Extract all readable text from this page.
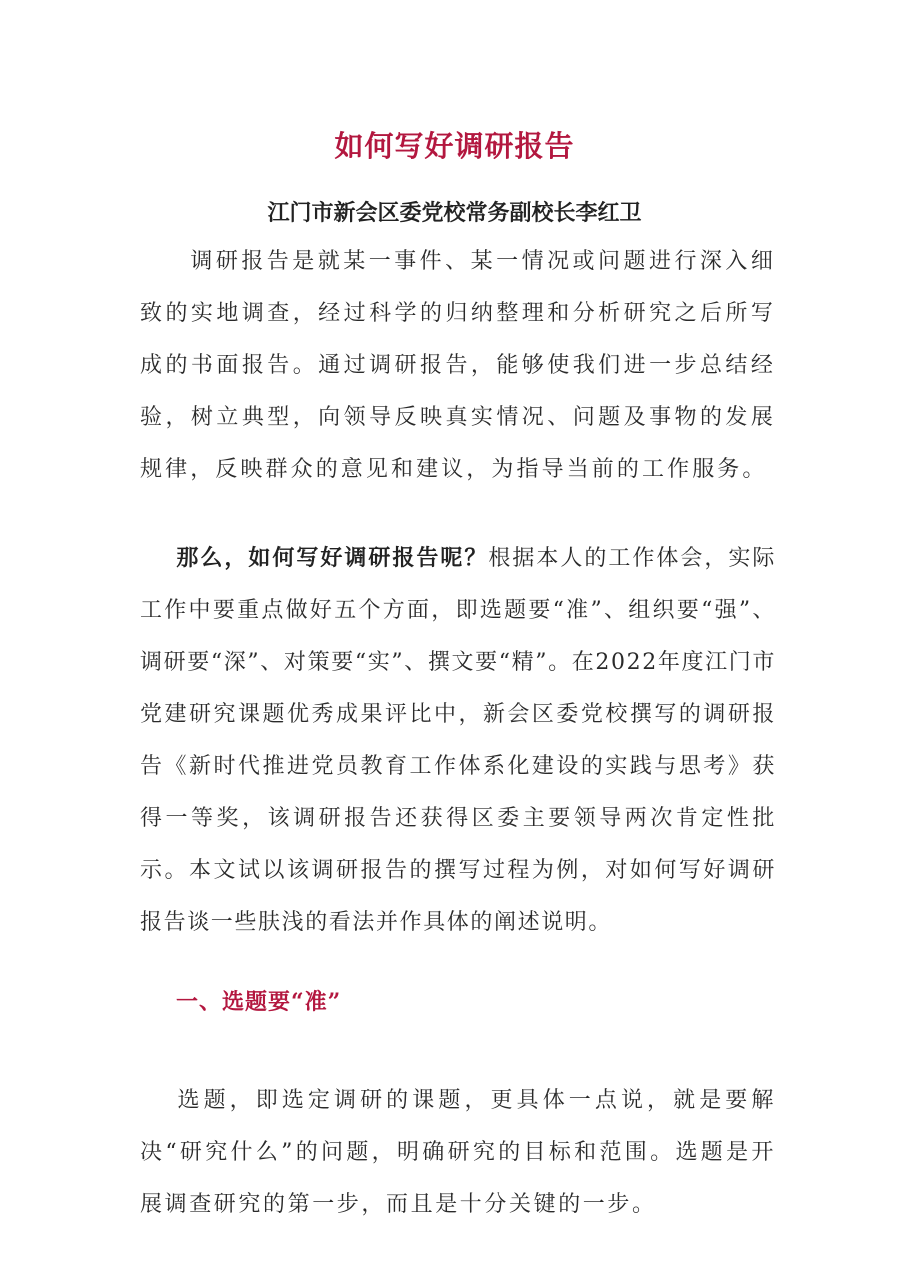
如何写好调研报告
江门市新会区委党校常务副校长李红卫
调研报告是就某一事件、某一情况或问题进行深入细致的实地调查，经过科学的归纳整理和分析研究之后所写成的书面报告。通过调研报告，能够使我们进一步总结经验，树立典型，向领导反映真实情况、问题及事物的发展规律，反映群众的意见和建议，为指导当前的工作服务。
那么，如何写好调研报告呢？根据本人的工作体会，实际工作中要重点做好五个方面，即选题要“准”、组织要“强”、调研要“深”、对策要“实”、撰文要“精”。在2022年度江门市党建研究课题优秀成果评比中，新会区委党校撰写的调研报告《新时代推进党员教育工作体系化建设的实践与思考》获得一等奖，该调研报告还获得区委主要领导两次肯定性批示。本文试以该调研报告的撰写过程为例，对如何写好调研报告谈一些肤浅的看法并作具体的阐述说明。
一、选题要“准”
选题，即选定调研的课题，更具体一点说，就是要解决“研究什么”的问题，明确研究的目标和范围。选题是开展调查研究的第一步，而且是十分关键的一步。
